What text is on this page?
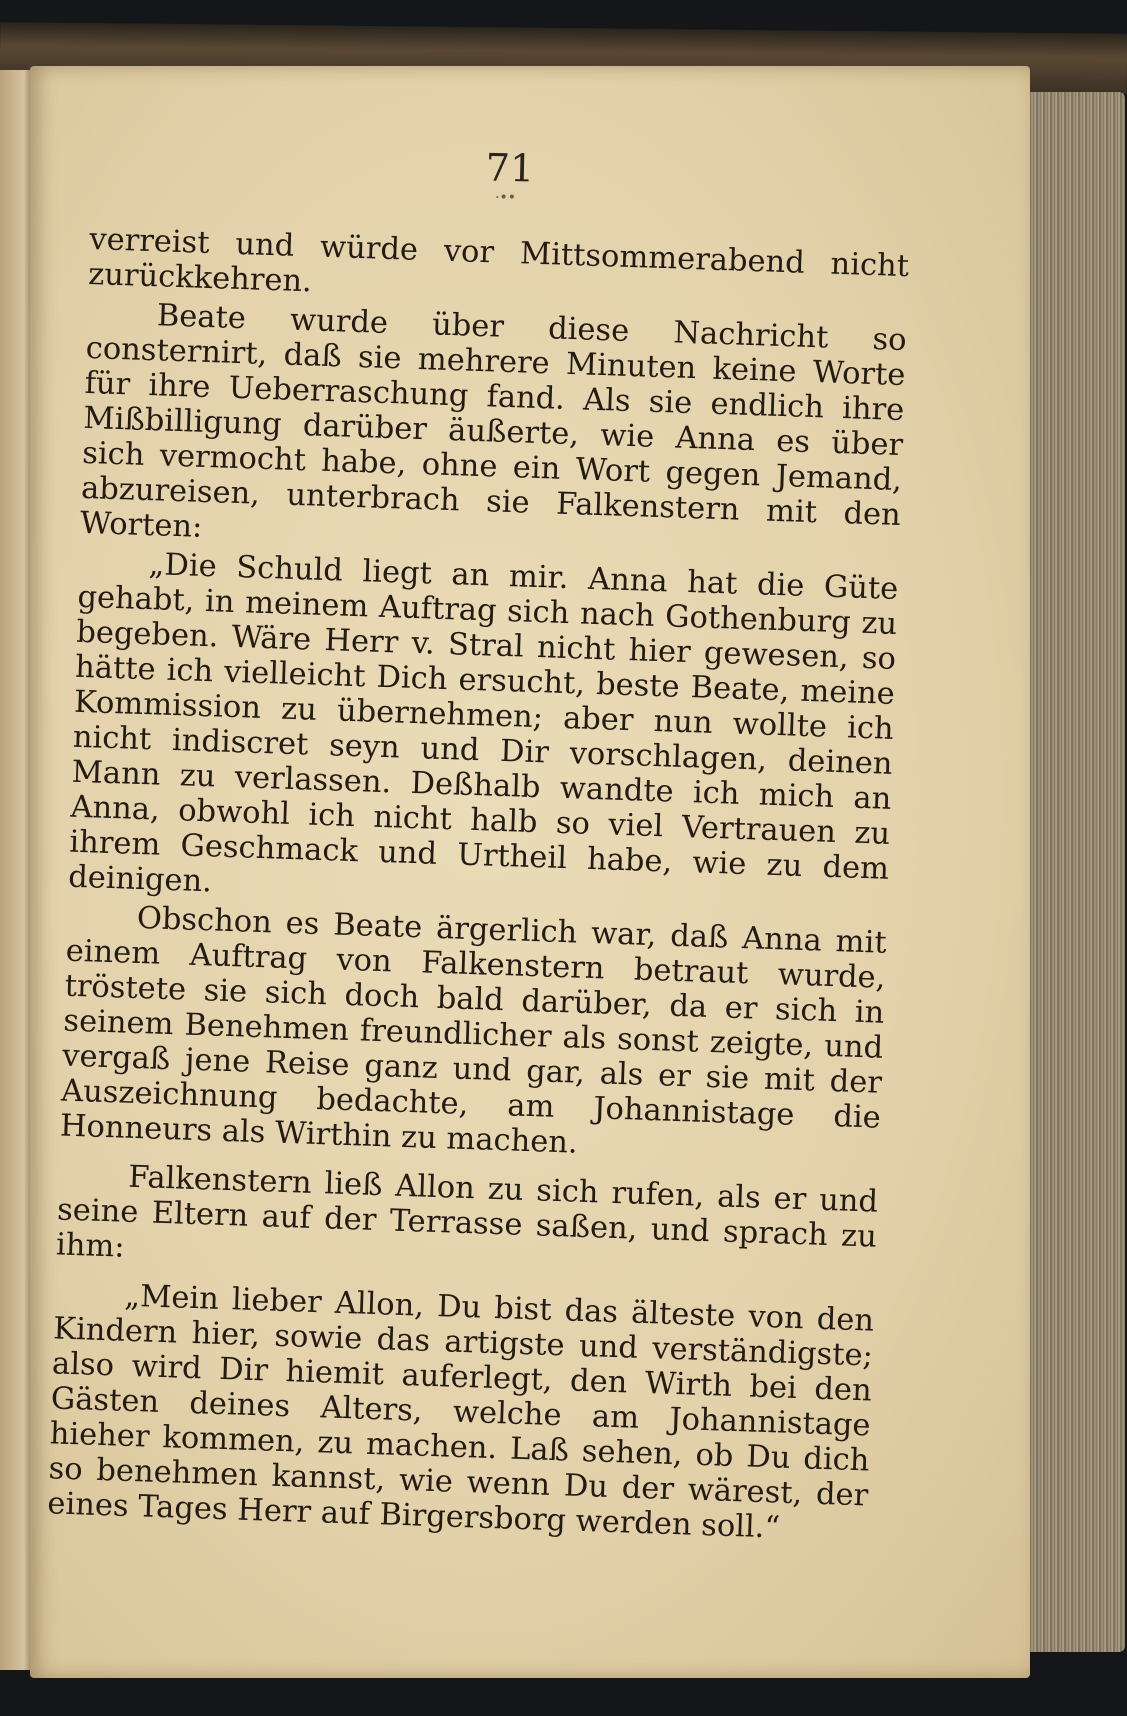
71
·••

verreist und würde vor Mittsommerabend nicht zurückkehren.

Beate wurde über diese Nachricht so consternirt, daß sie mehrere Minuten keine Worte für ihre Ueberraschung fand. Als sie endlich ihre Mißbilligung darüber äußerte, wie Anna es über sich vermocht habe, ohne ein Wort gegen Jemand, abzureisen, unterbrach sie Falkenstern mit den Worten:

„Die Schuld liegt an mir. Anna hat die Güte gehabt, in meinem Auftrag sich nach Gothenburg zu begeben. Wäre Herr v. Stral nicht hier gewesen, so hätte ich vielleicht Dich ersucht, beste Beate, meine Kommission zu übernehmen; aber nun wollte ich nicht indiscret seyn und Dir vorschlagen, deinen Mann zu verlassen. Deßhalb wandte ich mich an Anna, obwohl ich nicht halb so viel Vertrauen zu ihrem Geschmack und Urtheil habe, wie zu dem deinigen.

Obschon es Beate ärgerlich war, daß Anna mit einem Auftrag von Falkenstern betraut wurde, tröstete sie sich doch bald darüber, da er sich in seinem Benehmen freundlicher als sonst zeigte, und vergaß jene Reise ganz und gar, als er sie mit der Auszeichnung bedachte, am Johannistage die Honneurs als Wirthin zu machen.

Falkenstern ließ Allon zu sich rufen, als er und seine Eltern auf der Terrasse saßen, und sprach zu ihm:

„Mein lieber Allon, Du bist das älteste von den Kindern hier, sowie das artigste und verständigste; also wird Dir hiemit auferlegt, den Wirth bei den Gästen deines Alters, welche am Johannistage hieher kommen, zu machen. Laß sehen, ob Du dich so benehmen kannst, wie wenn Du der wärest, der eines Tages Herr auf Birgersborg werden soll.“
